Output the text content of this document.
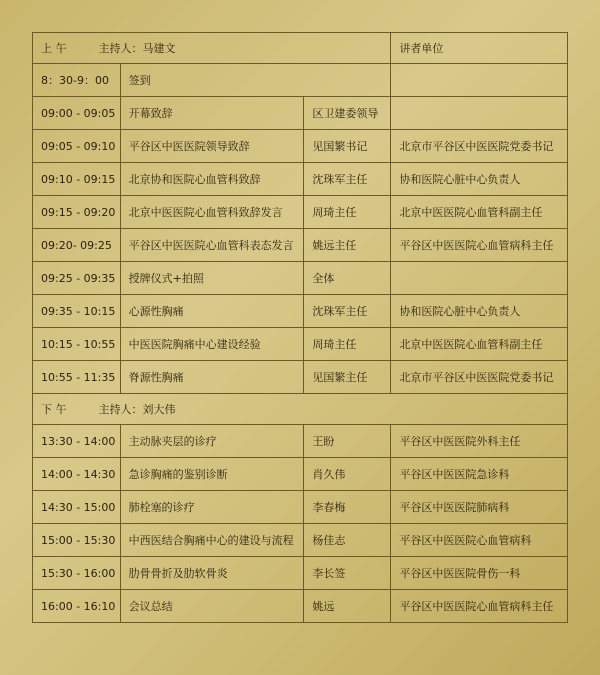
上 午 主持人：马建文			讲者单位
8：30-9：00	签到		
09:00 - 09:05	开幕致辞	区卫建委领导	
09:05 - 09:10	平谷区中医医院领导致辞	见国繁书记	北京市平谷区中医医院党委书记
09:10 - 09:15	北京协和医院心血管科致辞	沈珠军主任	协和医院心脏中心负责人
09:15 - 09:20	北京中医医院心血管科致辞发言	周琦主任	北京中医医院心血管科副主任
09:20- 09:25	平谷区中医医院心血管科表态发言	姚远主任	平谷区中医医院心血管病科主任
09:25 - 09:35	授牌仪式+拍照	全体	
09:35 - 10:15	心源性胸痛	沈珠军主任	协和医院心脏中心负责人
10:15 - 10:55	中医医院胸痛中心建设经验	周琦主任	北京中医医院心血管科副主任
10:55 - 11:35	脊源性胸痛	见国繁主任	北京市平谷区中医医院党委书记
下 午 主持人：刘大伟			
13:30 - 14:00	主动脉夹层的诊疗	王盼	平谷区中医医院外科主任
14:00 - 14:30	急诊胸痛的鉴别诊断	肖久伟	平谷区中医医院急诊科
14:30 - 15:00	肺栓塞的诊疗	李春梅	平谷区中医医院肺病科
15:00 - 15:30	中西医结合胸痛中心的建设与流程	杨佳志	平谷区中医医院心血管病科
15:30 - 16:00	肋骨骨折及肋软骨炎	李长签	平谷区中医医院骨伤一科
16:00 - 16:10	会议总结	姚远	平谷区中医医院心血管病科主任
